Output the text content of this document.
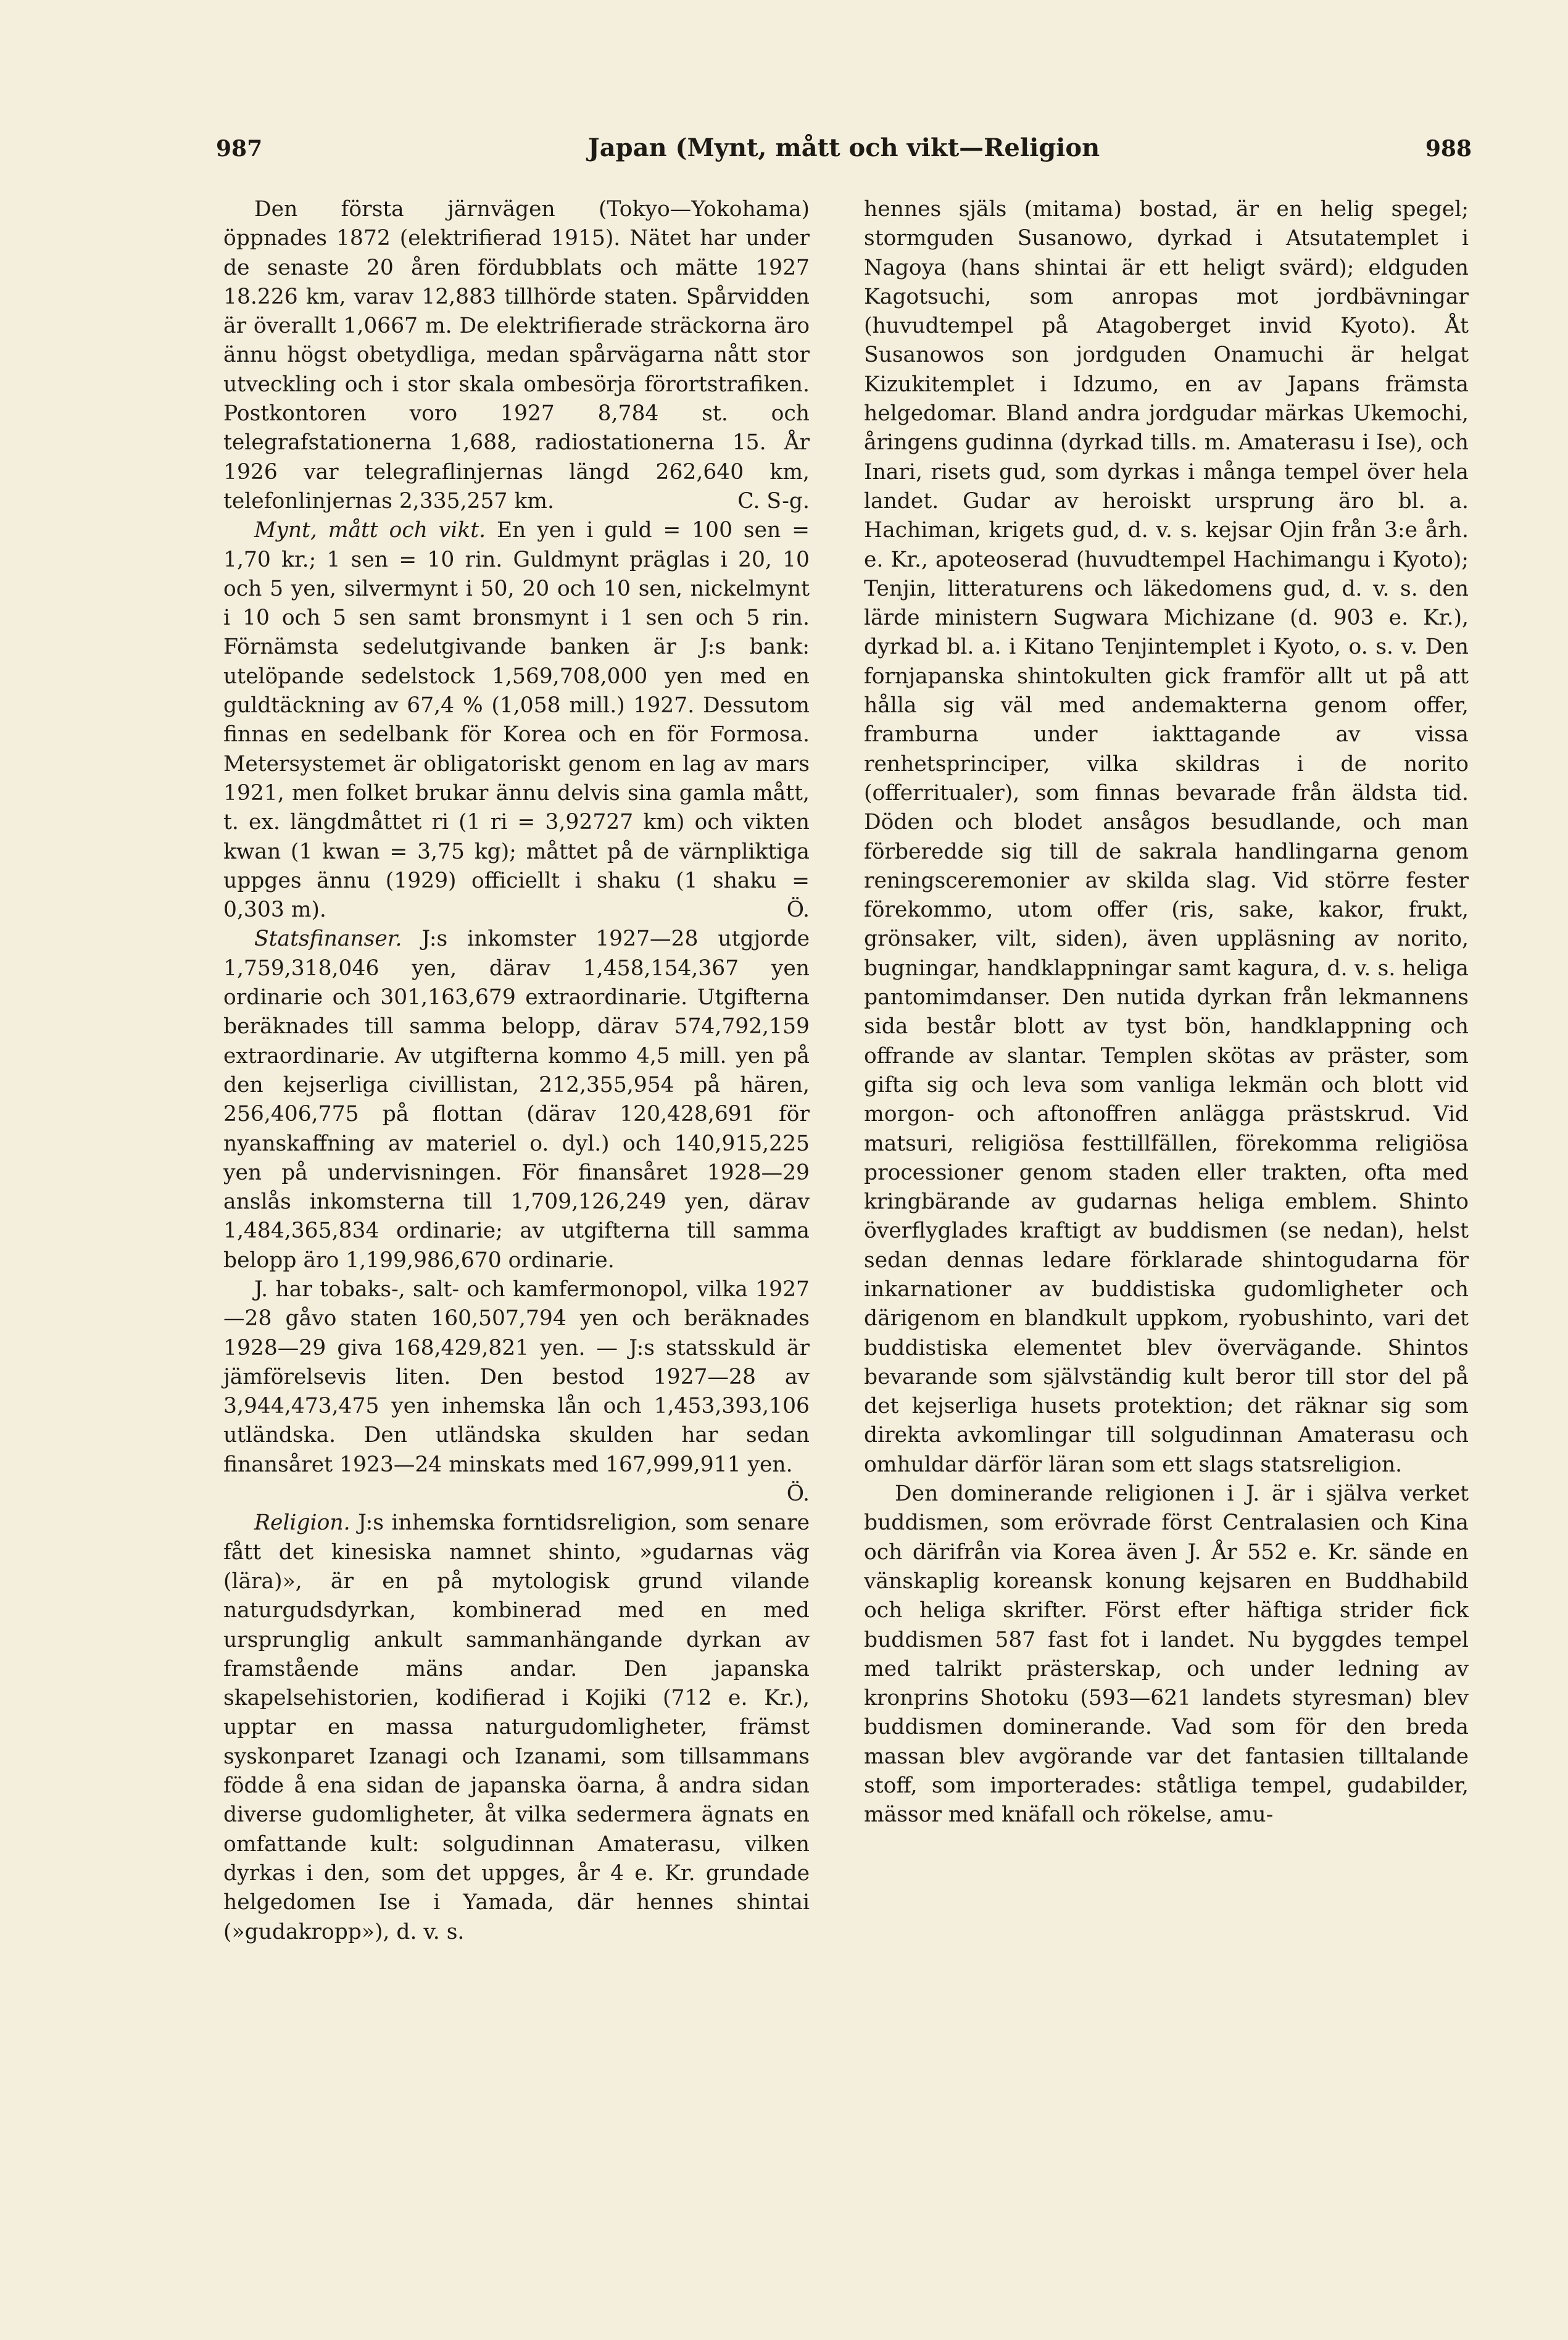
987	Japan (Mynt, mått och vikt—Religion	988

Den första järnvägen (Tokyo—Yokohama) öppnades 1872 (elektrifierad 1915). Nätet har under de senaste 20 åren fördubblats och mätte 1927 18.226 km, varav 12,883 tillhörde staten. Spårvidden är överallt 1,0667 m. De elektrifierade sträckorna äro ännu högst obetydliga, medan spårvägarna nått stor utveckling och i stor skala ombesörja förortstrafiken. Postkontoren voro 1927 8,784 st. och telegrafstationerna 1,688, radiostationerna 15. År 1926 var telegraflinjernas längd 262,640 km, telefonlinjernas 2,335,257 km.	C. S-g.

Mynt, mått och vikt. En yen i guld = 100 sen = 1,70 kr.; 1 sen = 10 rin. Guldmynt präglas i 20, 10 och 5 yen, silvermynt i 50, 20 och 10 sen, nickelmynt i 10 och 5 sen samt bronsmynt i 1 sen och 5 rin. Förnämsta sedelutgivande banken är J:s bank: utelöpande sedelstock 1,569,708,000 yen med en guldtäckning av 67,4 % (1,058 mill.) 1927. Dessutom finnas en sedelbank för Korea och en för Formosa. Metersystemet är obligatoriskt genom en lag av mars 1921, men folket brukar ännu delvis sina gamla mått, t. ex. längdmåttet ri (1 ri = 3,92727 km) och vikten kwan (1 kwan = 3,75 kg); måttet på de värnpliktiga uppges ännu (1929) officiellt i shaku (1 shaku = 0,303 m).	Ö.

Statsfinanser. J:s inkomster 1927—28 utgjorde 1,759,318,046 yen, därav 1,458,154,367 yen ordinarie och 301,163,679 extraordinarie. Utgifterna beräknades till samma belopp, därav 574,792,159 extraordinarie. Av utgifterna kommo 4,5 mill. yen på den kejserliga civillistan, 212,355,954 på hären, 256,406,775 på flottan (därav 120,428,691 för nyanskaffning av materiel o. dyl.) och 140,915,225 yen på undervisningen. För finansåret 1928—29 anslås inkomsterna till 1,709,126,249 yen, därav 1,484,365,834 ordinarie; av utgifterna till samma belopp äro 1,199,986,670 ordinarie.

J. har tobaks-, salt- och kamfermonopol, vilka 1927—28 gåvo staten 160,507,794 yen och beräknades 1928—29 giva 168,429,821 yen. — J:s statsskuld är jämförelsevis liten. Den bestod 1927—28 av 3,944,473,475 yen inhemska lån och 1,453,393,106 utländska. Den utländska skulden har sedan finansåret 1923—24 minskats med 167,999,911 yen.
Ö.

Religion. J:s inhemska forntidsreligion, som senare fått det kinesiska namnet shinto, »gudarnas väg (lära)», är en på mytologisk grund vilande naturgudsdyrkan, kombinerad med en med ursprunglig ankult sammanhängande dyrkan av framstående mäns andar. Den japanska skapelsehistorien, kodifierad i Kojiki (712 e. Kr.), upptar en massa naturgudomligheter, främst syskonparet Izanagi och Izanami, som tillsammans födde å ena sidan de japanska öarna, å andra sidan diverse gudomligheter, åt vilka sedermera ägnats en omfattande kult: solgudinnan Amaterasu, vilken dyrkas i den, som det uppges, år 4 e. Kr. grundade helgedomen Ise i Yamada, där hennes shintai (»gudakropp»), d. v. s.

hennes själs (mitama) bostad, är en helig spegel; stormguden Susanowo, dyrkad i Atsutatemplet i Nagoya (hans shintai är ett heligt svärd); eldguden Kagotsuchi, som anropas mot jordbävningar (huvudtempel på Atagoberget invid Kyoto). Åt Susanowos son jordguden Onamuchi är helgat Kizukitemplet i Idzumo, en av Japans främsta helgedomar. Bland andra jordgudar märkas Ukemochi, åringens gudinna (dyrkad tills. m. Amaterasu i Ise), och Inari, risets gud, som dyrkas i många tempel över hela landet. Gudar av heroiskt ursprung äro bl. a. Hachiman, krigets gud, d. v. s. kejsar Ojin från 3:e årh. e. Kr., apoteoserad (huvudtempel Hachimangu i Kyoto); Tenjin, litteraturens och läkedomens gud, d. v. s. den lärde ministern Sugwara Michizane (d. 903 e. Kr.), dyrkad bl. a. i Kitano Tenjintemplet i Kyoto, o. s. v. Den fornjapanska shintokulten gick framför allt ut på att hålla sig väl med andemakterna genom offer, framburna under iakttagande av vissa renhetsprinciper, vilka skildras i de norito (offerritualer), som finnas bevarade från äldsta tid. Döden och blodet ansågos besudlande, och man förberedde sig till de sakrala handlingarna genom reningsceremonier av skilda slag. Vid större fester förekommo, utom offer (ris, sake, kakor, frukt, grönsaker, vilt, siden), även uppläsning av norito, bugningar, handklappningar samt kagura, d. v. s. heliga pantomimdanser. Den nutida dyrkan från lekmannens sida består blott av tyst bön, handklappning och offrande av slantar. Templen skötas av präster, som gifta sig och leva som vanliga lekmän och blott vid morgon- och aftonoffren anlägga prästskrud. Vid matsuri, religiösa festtillfällen, förekomma religiösa processioner genom staden eller trakten, ofta med kringbärande av gudarnas heliga emblem. Shinto överflyglades kraftigt av buddismen (se nedan), helst sedan dennas ledare förklarade shintogudarna för inkarnationer av buddistiska gudomligheter och därigenom en blandkult uppkom, ryobushinto, vari det buddistiska elementet blev övervägande. Shintos bevarande som självständig kult beror till stor del på det kejserliga husets protektion; det räknar sig som direkta avkomlingar till solgudinnan Amaterasu och omhuldar därför läran som ett slags statsreligion.

Den dominerande religionen i J. är i själva verket buddismen, som erövrade först Centralasien och Kina och därifrån via Korea även J. År 552 e. Kr. sände en vänskaplig koreansk konung kejsaren en Buddhabild och heliga skrifter. Först efter häftiga strider fick buddismen 587 fast fot i landet. Nu byggdes tempel med talrikt prästerskap, och under ledning av kronprins Shotoku (593—621 landets styresman) blev buddismen dominerande. Vad som för den breda massan blev avgörande var det fantasien tilltalande stoff, som importerades: ståtliga tempel, gudabilder, mässor med knäfall och rökelse, amu-
